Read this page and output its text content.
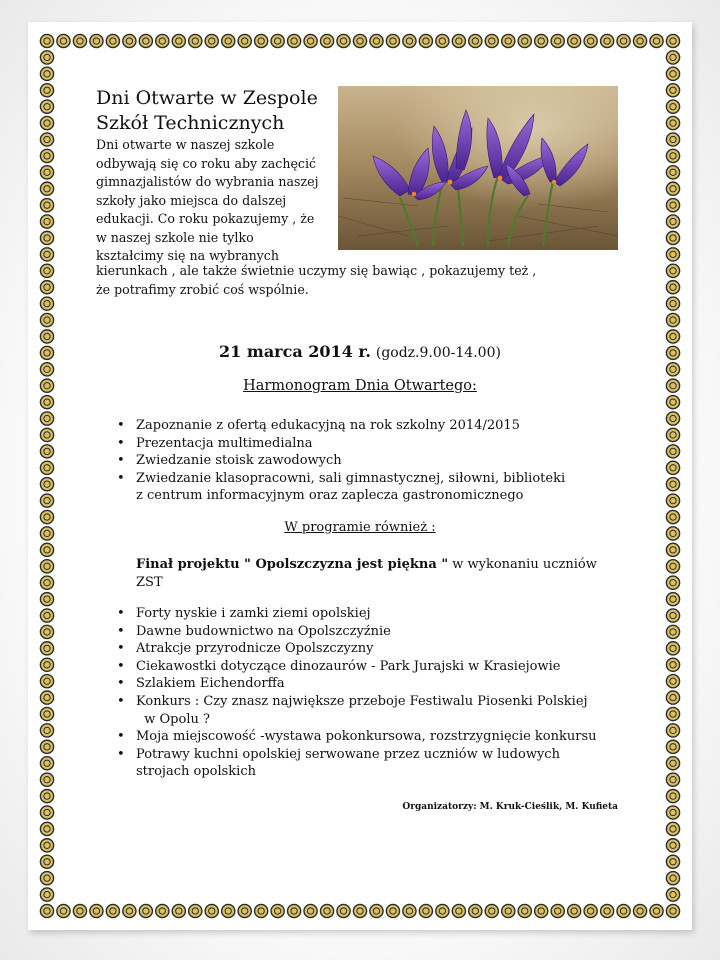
Dni Otwarte w Zespole
Szkół Technicznych
Dni otwarte w naszej szkole
odbywają się co roku aby zachęcić
gimnazjalistów do wybrania naszej
szkoły jako miejsca do dalszej
edukacji. Co roku pokazujemy , że
w naszej szkole nie tylko
kształcimy się na wybranych
kierunkach , ale także świetnie uczymy się bawiąc , pokazujemy też ,
że potrafimy zrobić coś wspólnie.
21 marca 2014 r. (godz.9.00-14.00)
Harmonogram Dnia Otwartego:
• Zapoznanie z ofertą edukacyjną na rok szkolny 2014/2015
• Prezentacja multimedialna
• Zwiedzanie stoisk zawodowych
• Zwiedzanie klasopracowni, sali gimnastycznej, siłowni, biblioteki
z centrum informacyjnym oraz zaplecza gastronomicznego
W programie również :
Finał projektu " Opolszczyzna jest piękna " w wykonaniu uczniów
ZST
• Forty nyskie i zamki ziemi opolskiej
• Dawne budownictwo na Opolszczyźnie
• Atrakcje przyrodnicze Opolszczyzny
• Ciekawostki dotyczące dinozaurów - Park Jurajski w Krasiejowie
• Szlakiem Eichendorffa
• Konkurs : Czy znasz największe przeboje Festiwalu Piosenki Polskiej
w Opolu ?
• Moja miejscowość -wystawa pokonkursowa, rozstrzygnięcie konkursu
• Potrawy kuchni opolskiej serwowane przez uczniów w ludowych
strojach opolskich
Organizatorzy: M. Kruk-Cieślik, M. Kufieta
